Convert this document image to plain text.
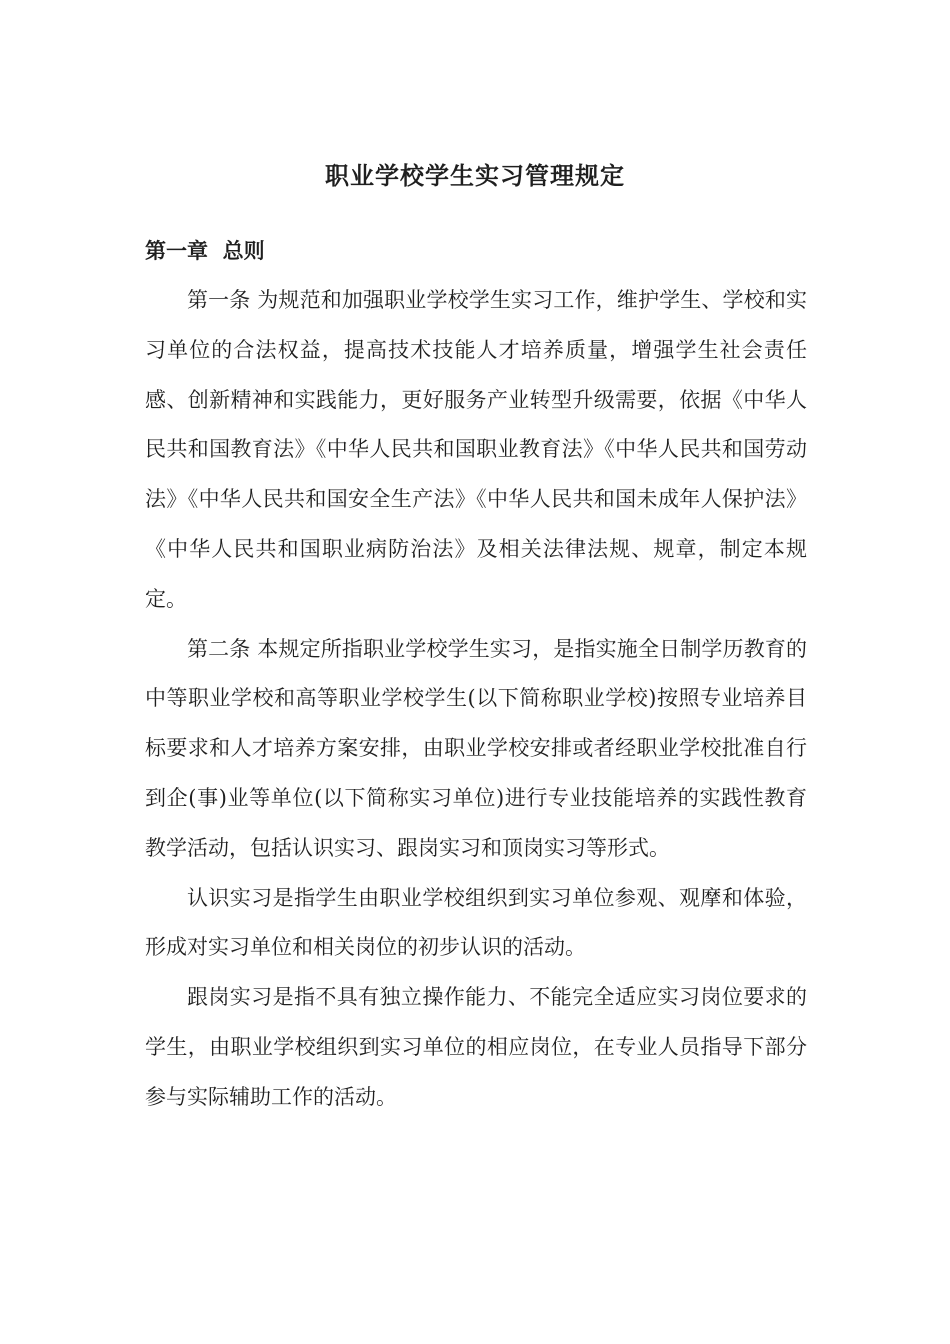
职业学校学生实习管理规定
第一章  总则

第一条 为规范和加强职业学校学生实习工作，维护学生、学校和实习单位的合法权益，提高技术技能人才培养质量，增强学生社会责任感、创新精神和实践能力，更好服务产业转型升级需要，依据《中华人民共和国教育法》《中华人民共和国职业教育法》《中华人民共和国劳动法》《中华人民共和国安全生产法》《中华人民共和国未成年人保护法》《中华人民共和国职业病防治法》及相关法律法规、规章，制定本规定。

第二条 本规定所指职业学校学生实习，是指实施全日制学历教育的中等职业学校和高等职业学校学生(以下简称职业学校)按照专业培养目标要求和人才培养方案安排，由职业学校安排或者经职业学校批准自行到企(事)业等单位(以下简称实习单位)进行专业技能培养的实践性教育教学活动，包括认识实习、跟岗实习和顶岗实习等形式。

认识实习是指学生由职业学校组织到实习单位参观、观摩和体验，形成对实习单位和相关岗位的初步认识的活动。

跟岗实习是指不具有独立操作能力、不能完全适应实习岗位要求的学生，由职业学校组织到实习单位的相应岗位，在专业人员指导下部分参与实际辅助工作的活动。
